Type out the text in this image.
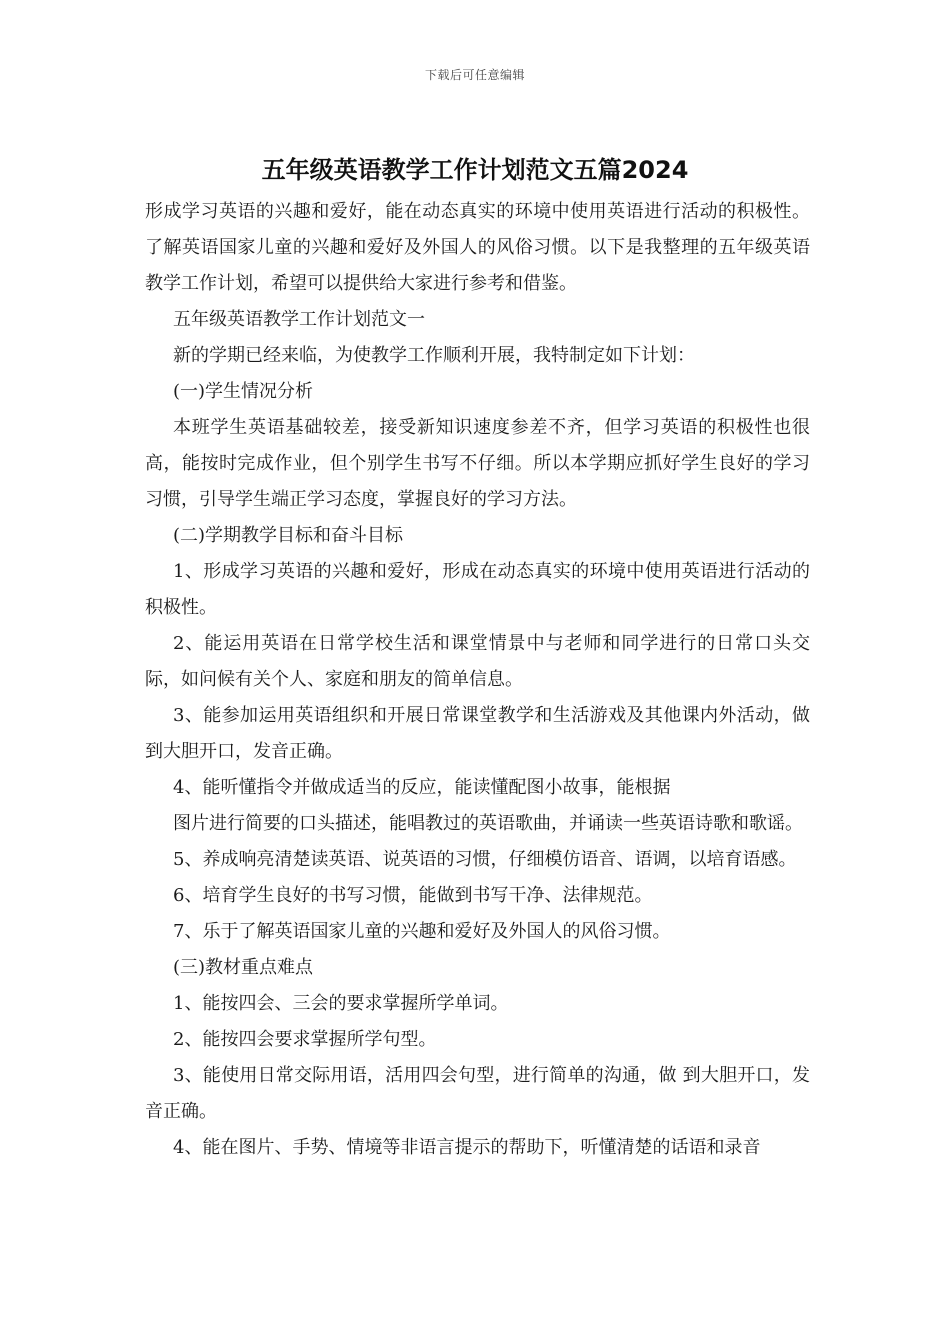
下载后可任意编辑
五年级英语教学工作计划范文五篇2024

形成学习英语的兴趣和爱好，能在动态真实的环境中使用英语进行活动的积极性。了解英语国家儿童的兴趣和爱好及外国人的风俗习惯。以下是我整理的五年级英语教学工作计划，希望可以提供给大家进行参考和借鉴。

五年级英语教学工作计划范文一

新的学期已经来临，为使教学工作顺利开展，我特制定如下计划：

(一)学生情况分析

本班学生英语基础较差，接受新知识速度参差不齐，但学习英语的积极性也很高，能按时完成作业，但个别学生书写不仔细。所以本学期应抓好学生良好的学习习惯，引导学生端正学习态度，掌握良好的学习方法。

(二)学期教学目标和奋斗目标

1、形成学习英语的兴趣和爱好，形成在动态真实的环境中使用英语进行活动的积极性。

2、能运用英语在日常学校生活和课堂情景中与老师和同学进行的日常口头交际，如问候有关个人、家庭和朋友的简单信息。

3、能参加运用英语组织和开展日常课堂教学和生活游戏及其他课内外活动，做到大胆开口，发音正确。

4、能听懂指令并做成适当的反应，能读懂配图小故事，能根据

图片进行简要的口头描述，能唱教过的英语歌曲，并诵读一些英语诗歌和歌谣。

5、养成响亮清楚读英语、说英语的习惯，仔细模仿语音、语调，以培育语感。

6、培育学生良好的书写习惯，能做到书写干净、法律规范。

7、乐于了解英语国家儿童的兴趣和爱好及外国人的风俗习惯。

(三)教材重点难点

1、能按四会、三会的要求掌握所学单词。

2、能按四会要求掌握所学句型。

3、能使用日常交际用语，活用四会句型，进行简单的沟通，做 到大胆开口，发音正确。

4、能在图片、手势、情境等非语言提示的帮助下，听懂清楚的话语和录音
